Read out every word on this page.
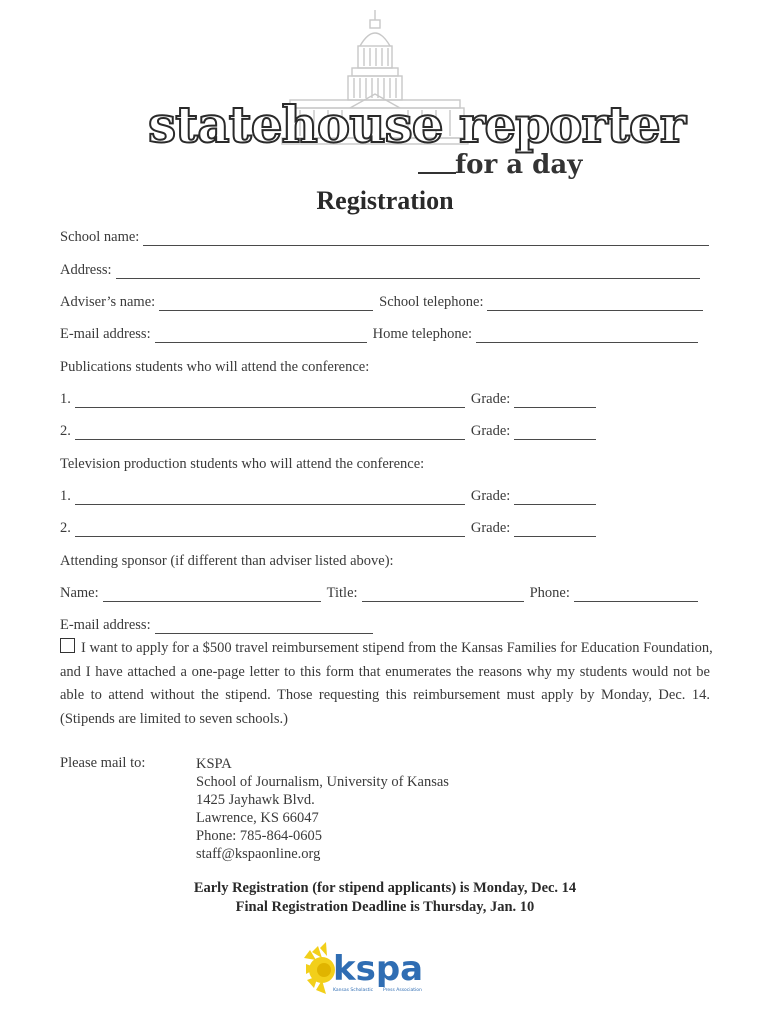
statehouse reporter
for a day
Registration
School name:
Address:
Adviser’s name:	School telephone:
E-mail address:	Home telephone:
Publications students who will attend the conference:
1.	Grade:
2.	Grade:
Television production students who will attend the conference:
1.	Grade:
2.	Grade:
Attending sponsor (if different than adviser listed above):
Name:	Title:	Phone:
E-mail address:
I want to apply for a $500 travel reimbursement stipend from the Kansas Families for Education Foundation,
and I have attached a one-page letter to this form that enumerates the reasons why my students would not be able to attend without the stipend. Those requesting this reimbursement must apply by Monday, Dec. 14. (Stipends are limited to seven schools.)
Please mail to:	KSPA
School of Journalism, University of Kansas
1425 Jayhawk Blvd.
Lawrence, KS 66047
Phone: 785-864-0605
staff@kspaonline.org
Early Registration (for stipend applicants) is Monday, Dec. 14
Final Registration Deadline is Thursday, Jan. 10
kspa
Kansas Scholastic Press Association
